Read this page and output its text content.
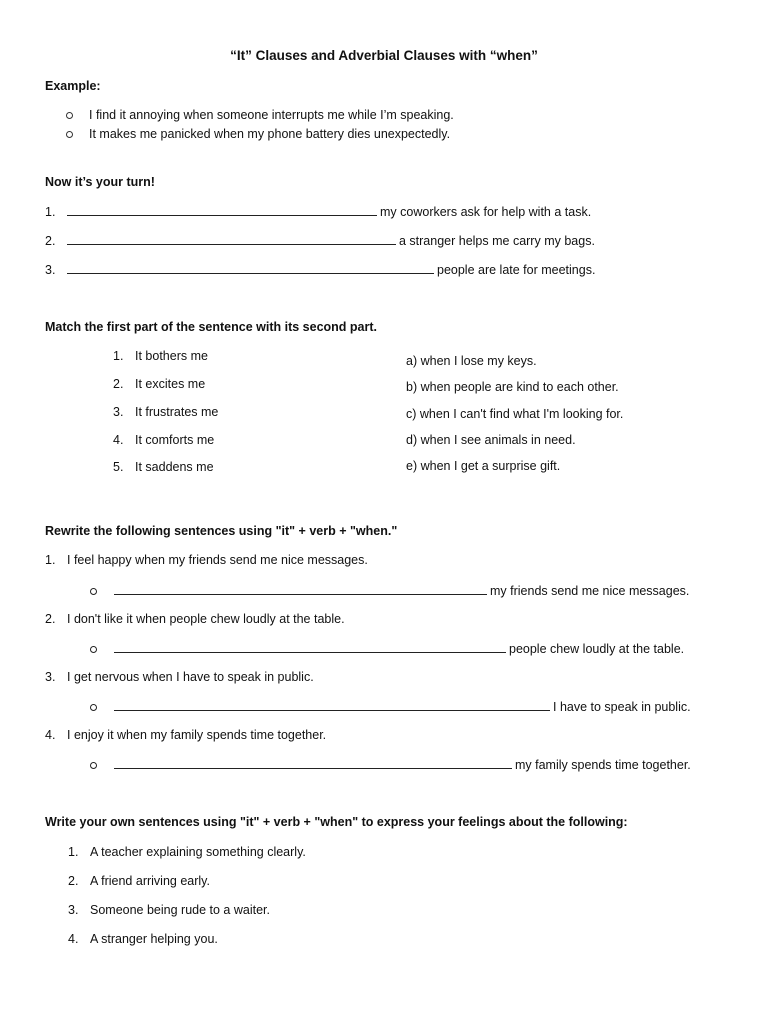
“It” Clauses and Adverbial Clauses with “when”
Example:
I find it annoying when someone interrupts me while I’m speaking.
It makes me panicked when my phone battery dies unexpectedly.
Now it’s your turn!
1.	my coworkers ask for help with a task.
2.	a stranger helps me carry my bags.
3.	people are late for meetings.
Match the first part of the sentence with its second part.
1. It bothers me
2. It excites me
3. It frustrates me
4. It comforts me
5. It saddens me
a) when I lose my keys.
b) when people are kind to each other.
c) when I can't find what I'm looking for.
d) when I see animals in need.
e) when I get a surprise gift.
Rewrite the following sentences using "it" + verb + "when."
1. I feel happy when my friends send me nice messages.
my friends send me nice messages.
2. I don't like it when people chew loudly at the table.
people chew loudly at the table.
3. I get nervous when I have to speak in public.
I have to speak in public.
4. I enjoy it when my family spends time together.
my family spends time together.
Write your own sentences using "it" + verb + "when" to express your feelings about the following:
1. A teacher explaining something clearly.
2. A friend arriving early.
3. Someone being rude to a waiter.
4. A stranger helping you.
